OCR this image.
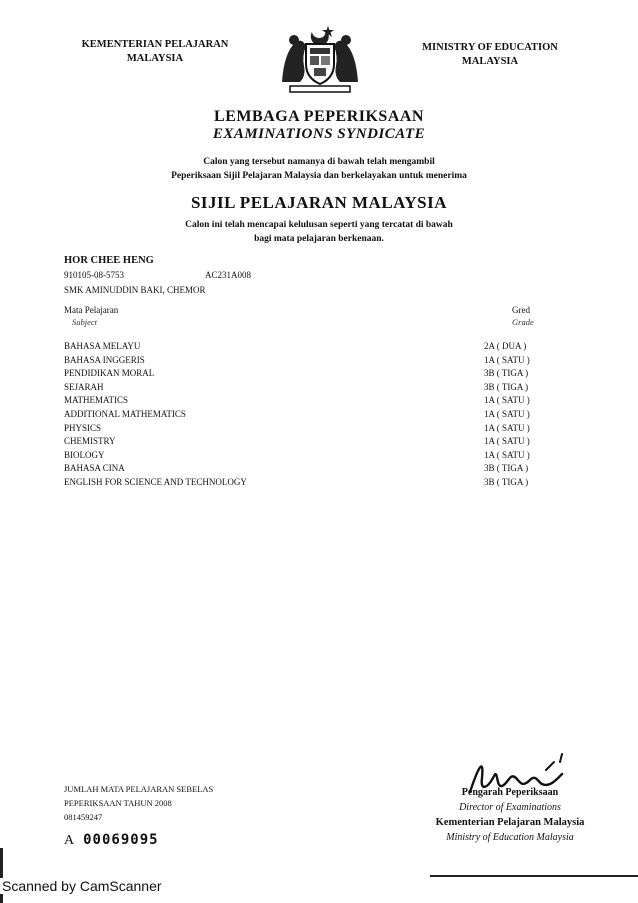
KEMENTERIAN PELAJARAN
MALAYSIA
MINISTRY OF EDUCATION
MALAYSIA
LEMBAGA PEPERIKSAAN
EXAMINATIONS SYNDICATE
Calon yang tersebut namanya di bawah telah mengambil
Peperiksaan Sijil Pelajaran Malaysia dan berkelayakan untuk menerima
SIJIL PELAJARAN MALAYSIA
Calon ini telah mencapai kelulusan seperti yang tercatat di bawah
bagi mata pelajaran berkenaan.
HOR CHEE HENG
910105-08-5753	AC231A008
SMK AMINUDDIN BAKI, CHEMOR
Mata Pelajaran
Subject
Gred
Grade
BAHASA MELAYU	2A ( DUA )
BAHASA INGGERIS	1A ( SATU )
PENDIDIKAN MORAL	3B ( TIGA )
SEJARAH	3B ( TIGA )
MATHEMATICS	1A ( SATU )
ADDITIONAL MATHEMATICS	1A ( SATU )
PHYSICS	1A ( SATU )
CHEMISTRY	1A ( SATU )
BIOLOGY	1A ( SATU )
BAHASA CINA	3B ( TIGA )
ENGLISH FOR SCIENCE AND TECHNOLOGY	3B ( TIGA )
JUMLAH MATA PELAJARAN SEBELAS
PEPERIKSAAN TAHUN 2008
081459247
A 00069095
Pengarah Peperiksaan
Director of Examinations
Kementerian Pelajaran Malaysia
Ministry of Education Malaysia
Scanned by CamScanner
